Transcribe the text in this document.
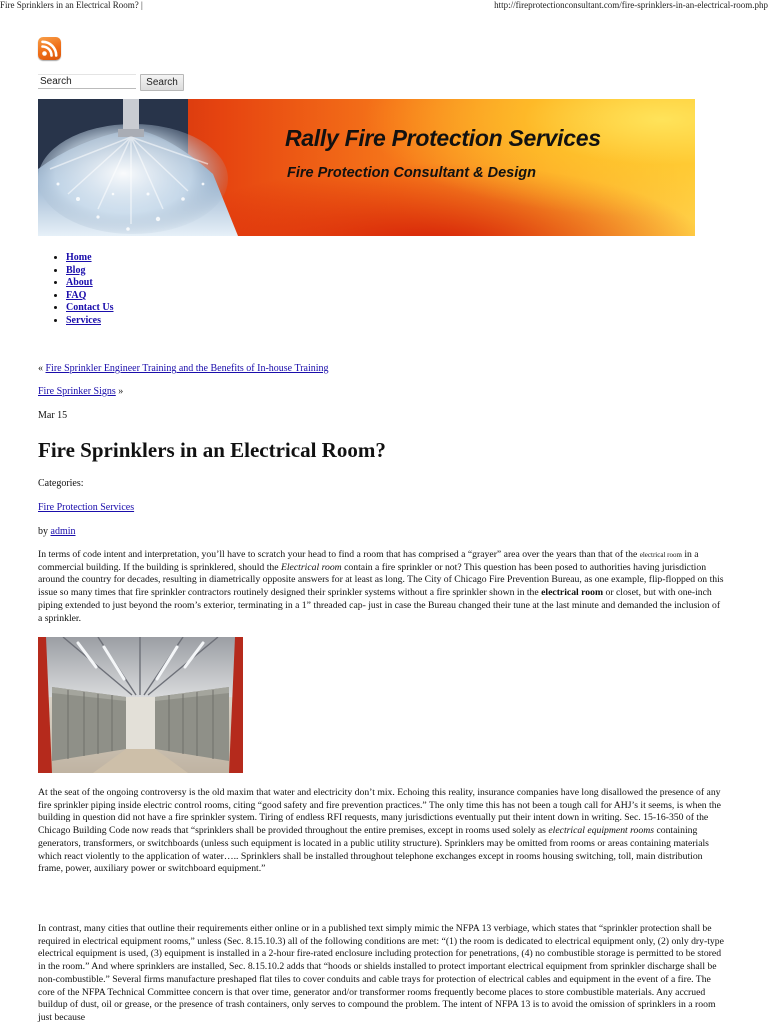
Fire Sprinklers in an Electrical Room? |	http://fireprotectionconsultant.com/fire-sprinklers-in-an-electrical-room.php
Search
Search
Rally Fire Protection Services
Fire Protection Consultant & Design
• Home
• Blog
• About
• FAQ
• Contact Us
• Services
« Fire Sprinkler Engineer Training and the Benefits of In-house Training
Fire Sprinker Signs »
Mar 15
Fire Sprinklers in an Electrical Room?
Categories:
Fire Protection Services
by admin

In terms of code intent and interpretation, you’ll have to scratch your head to find a room that has comprised a “grayer” area over the years than that of the electrical room in a commercial building. If the building is sprinklered, should the Electrical room contain a fire sprinkler or not? This question has been posed to authorities having jurisdiction around the country for decades, resulting in diametrically opposite answers for at least as long. The City of Chicago Fire Prevention Bureau, as one example, flip-flopped on this issue so many times that fire sprinkler contractors routinely designed their sprinkler systems without a fire sprinkler shown in the electrical room or closet, but with one-inch piping extended to just beyond the room’s exterior, terminating in a 1” threaded cap- just in case the Bureau changed their tune at the last minute and demanded the inclusion of a sprinkler.

At the seat of the ongoing controversy is the old maxim that water and electricity don’t mix. Echoing this reality, insurance companies have long disallowed the presence of any fire sprinkler piping inside electric control rooms, citing “good safety and fire prevention practices.” The only time this has not been a tough call for AHJ’s it seems, is when the building in question did not have a fire sprinkler system. Tiring of endless RFI requests, many jurisdictions eventually put their intent down in writing. Sec. 15-16-350 of the Chicago Building Code now reads that “sprinklers shall be provided throughout the entire premises, except in rooms used solely as electrical equipment rooms containing generators, transformers, or switchboards (unless such equipment is located in a public utility structure). Sprinklers may be omitted from rooms or areas containing materials which react violently to the application of water….. Sprinklers shall be installed throughout telephone exchanges except in rooms housing switching, toll, main distribution frame, power, auxiliary power or switchboard equipment.”

In contrast, many cities that outline their requirements either online or in a published text simply mimic the NFPA 13 verbiage, which states that “sprinkler protection shall be required in electrical equipment rooms,” unless (Sec. 8.15.10.3) all of the following conditions are met: “(1) the room is dedicated to electrical equipment only, (2) only dry-type electrical equipment is used, (3) equipment is installed in a 2-hour fire-rated enclosure including protection for penetrations, (4) no combustible storage is permitted to be stored in the room.” And where sprinklers are installed, Sec. 8.15.10.2 adds that “hoods or shields installed to protect important electrical equipment from sprinkler discharge shall be non-combustible.” Several firms manufacture preshaped flat tiles to cover conduits and cable trays for protection of electrical cables and equipment in the event of a fire. The core of the NFPA Technical Committee concern is that over time, generator and/or transformer rooms frequently become places to store combustible materials. Any accrued buildup of dust, oil or grease, or the presence of trash containers, only serves to compound the problem. The intent of NFPA 13 is to avoid the omission of sprinklers in a room just because
